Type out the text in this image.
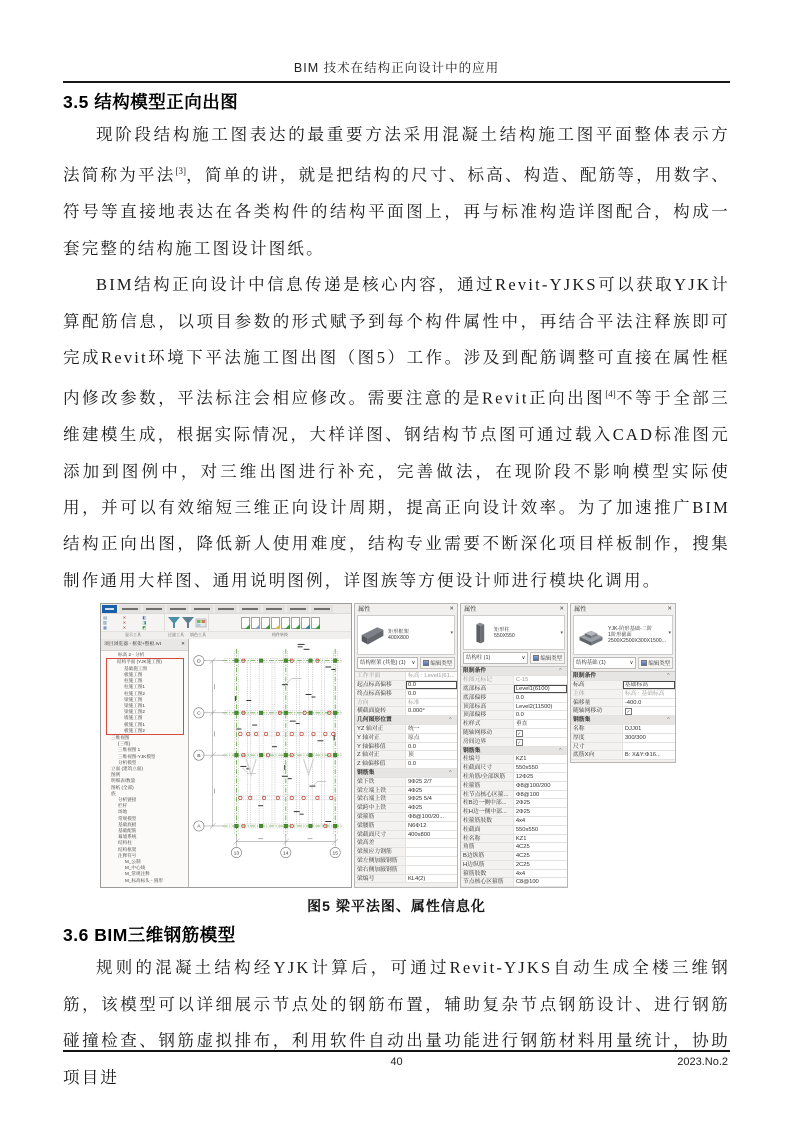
BIM 技术在结构正向设计中的应用
3.5 结构模型正向出图

现阶段结构施工图表达的最重要方法采用混凝土结构施工图平面整体表示方法简称为平法[3]，简单的讲，就是把结构的尺寸、标高、构造、配筋等，用数字、符号等直接地表达在各类构件的结构平面图上，再与标准构造详图配合，构成一套完整的结构施工图设计图纸。

BIM结构正向设计中信息传递是核心内容，通过Revit-YJKS可以获取YJK计算配筋信息，以项目参数的形式赋予到每个构件属性中，再结合平法注释族即可完成Revit环境下平法施工图出图（图5）工作。涉及到配筋调整可直接在属性框内修改参数，平法标注会相应修改。需要注意的是Revit正向出图[4]不等于全部三维建模生成，根据实际情况，大样详图、钢结构节点图可通过载入CAD标准图元添加到图例中，对三维出图进行补充，完善做法，在现阶段不影响模型实际使用，并可以有效缩短三维正向设计周期，提高正向设计效率。为了加速推广BIM结构正向出图，降低新人使用难度，结构专业需要不断深化项目样板制作，搜集制作通用大样图、通用说明图例，详图族等方便设计师进行模块化调用。

▤	✕	◧
▥	✕	◨
▦	✕	◩
显示工具	过滤工具	填色工具	构件转换
项目浏览器 - 框架+整板.rvt	✕
标高 2 - 分析
结构平面 (YJK施工图)
基础施工图
板施工图
柱施工图
柱施工图1
柱施工图2
梁施工图
梁施工图1
梁施工图2
墙施工图
板施工图1
板施工图2
三维视图
{三维}
三维视图 1
三维视图-YJK模型
分析模型
立面 (建筑立面)
图例
明细表/数量
图纸 (全部)
族
分析链接
栏杆
场地
常规模型
基础底板
基础配筋
幕墙系统
结构柱
结构框架
注释符号
M_公制
M_中心线
M_常规注释
M_标高标头 - 圆形
D
C
B
A
13	14	15
属性	✕
矩形框架
400X800
▾
结构框架 (其他) (1) ∨	编辑类型
工作平面	标高 : Level1(61...
起点标高偏移	0.0
终点标高偏移	0.0
方向	标准
横截面旋转	0.000°
几何图形位置
^
YZ 轴对正	统一
Y 轴对正	原点
Y 轴偏移值	0.0
Z 轴对正	顶
Z 轴偏移值	0.0
钢筋集
^
梁下铁	9Φ25 2/7
梁左端上铁	4Φ25
梁右端上铁	9Φ25 5/4
梁跨中上铁	4Φ25
梁箍筋	Φ8@100/20...
梁腰筋	N6Φ12
梁截面尺寸	400x800
梁高差
梁预应力钢筋
梁左侧加腋钢筋
梁右侧加腋钢筋
梁编号	KL4(2)
属性	✕
矩形柱
550X550	▾
结构柱 (1)	∨	编辑类型
限制条件
^
柱图元标记	C-15
底部标高	Level1(6100)
底部偏移	0.0
顶部标高	Level2(11500)
顶部偏移	0.0
柱样式	垂直
随轴网移动
✓
房间边界
✓
钢筋集
^
柱编号	KZ1
柱截面尺寸	550x550
柱角筋/全部纵筋	12Φ25
柱箍筋	Φ8@100/200
柱节点核心区箍...	Φ8@100
柱B边一侧中部...	2Φ25
柱H边一侧中部...	2Φ25
柱箍筋肢数	4x4
柱截面	550x550
柱名称	KZ1
角筋	4C25
B边纵筋	4C25
H边纵筋	2C25
箍筋肢数	4x4
节点核心区箍筋	C8@100
属性	✕
YJK-阶形基础-二阶
1阶形截面
2500X2500X300X1500...
▾
结构基础 (1)	∨	编辑类型
限制条件
^
标高	基础标高
主体	标高 : 基础标高
偏移量	-400.0
随轴网移动
✓
钢筋集
^
名称	DJJ01
厚度	300/300
尺寸
底筋X向	B: X&Y:Φ16...
图5 梁平法图、属性信息化
3.6 BIM三维钢筋模型

规则的混凝土结构经YJK计算后，可通过Revit-YJKS自动生成全楼三维钢筋，该模型可以详细展示节点处的钢筋布置，辅助复杂节点钢筋设计、进行钢筋碰撞检查、钢筋虚拟排布，利用软件自动出量功能进行钢筋材料用量统计，协助项目进

40	2023.No.2
